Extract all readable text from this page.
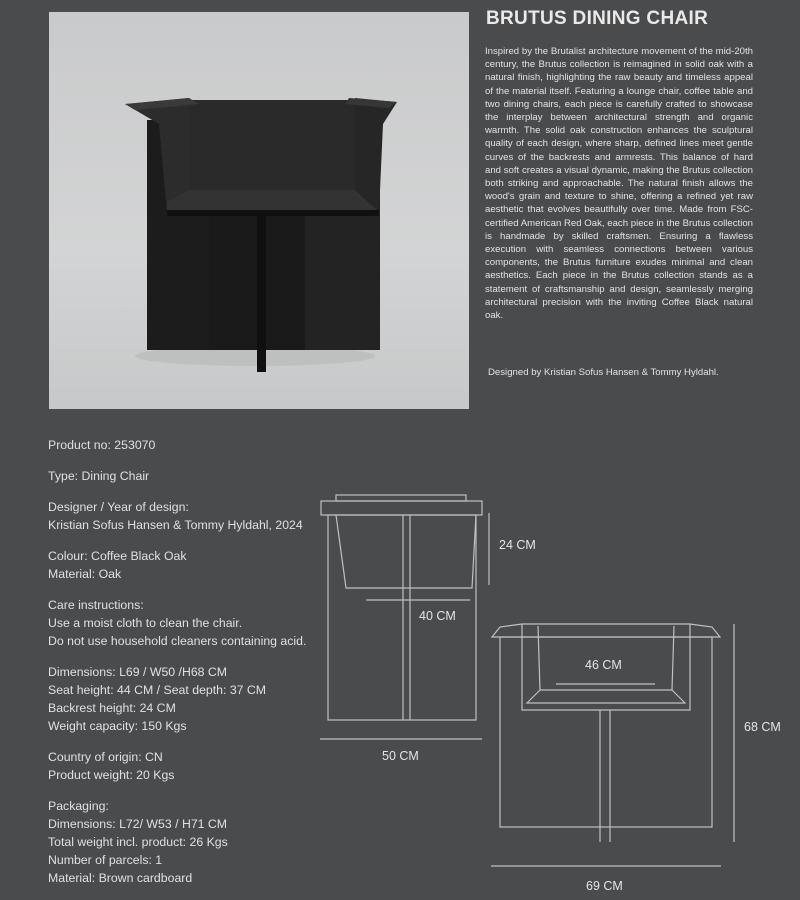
BRUTUS DINING CHAIR

Inspired by the Brutalist architecture movement of the mid-20th century, the Brutus collection is reimagined in solid oak with a natural finish, highlighting the raw beauty and timeless appeal of the material itself. Featuring a lounge chair, coffee table and two dining chairs, each piece is carefully crafted to showcase the interplay between architectural strength and organic warmth. The solid oak construction enhances the sculptural quality of each design, where sharp, defined lines meet gentle curves of the backrests and armrests. This balance of hard and soft creates a visual dynamic, making the Brutus collection both striking and approachable. The natural finish allows the wood's grain and texture to shine, offering a refined yet raw aesthetic that evolves beautifully over time. Made from FSC-certified American Red Oak, each piece in the Brutus collection is handmade by skilled craftsmen. Ensuring a flawless execution with seamless connections between various components, the Brutus furniture exudes minimal and clean aesthetics. Each piece in the Brutus collection stands as a statement of craftsmanship and design, seamlessly merging architectural precision with the inviting Coffee Black natural oak.

Designed by Kristian Sofus Hansen & Tommy Hyldahl.

Product no: 253070
Type: Dining Chair
Designer / Year of design:
Kristian Sofus Hansen & Tommy Hyldahl, 2024
Colour: Coffee Black Oak
Material: Oak
Care instructions:
Use a moist cloth to clean the chair.
Do not use household cleaners containing acid.
Dimensions: L69 / W50 /H68 CM
Seat height: 44 CM / Seat depth: 37 CM
Backrest height: 24 CM
Weight capacity: 150 Kgs
Country of origin: CN
Product weight: 20 Kgs
Packaging:
Dimensions: L72/ W53 / H71 CM
Total weight incl. product: 26 Kgs
Number of parcels: 1
Material: Brown cardboard
24 CM
40 CM
50 CM
46 CM
68 CM
69 CM
